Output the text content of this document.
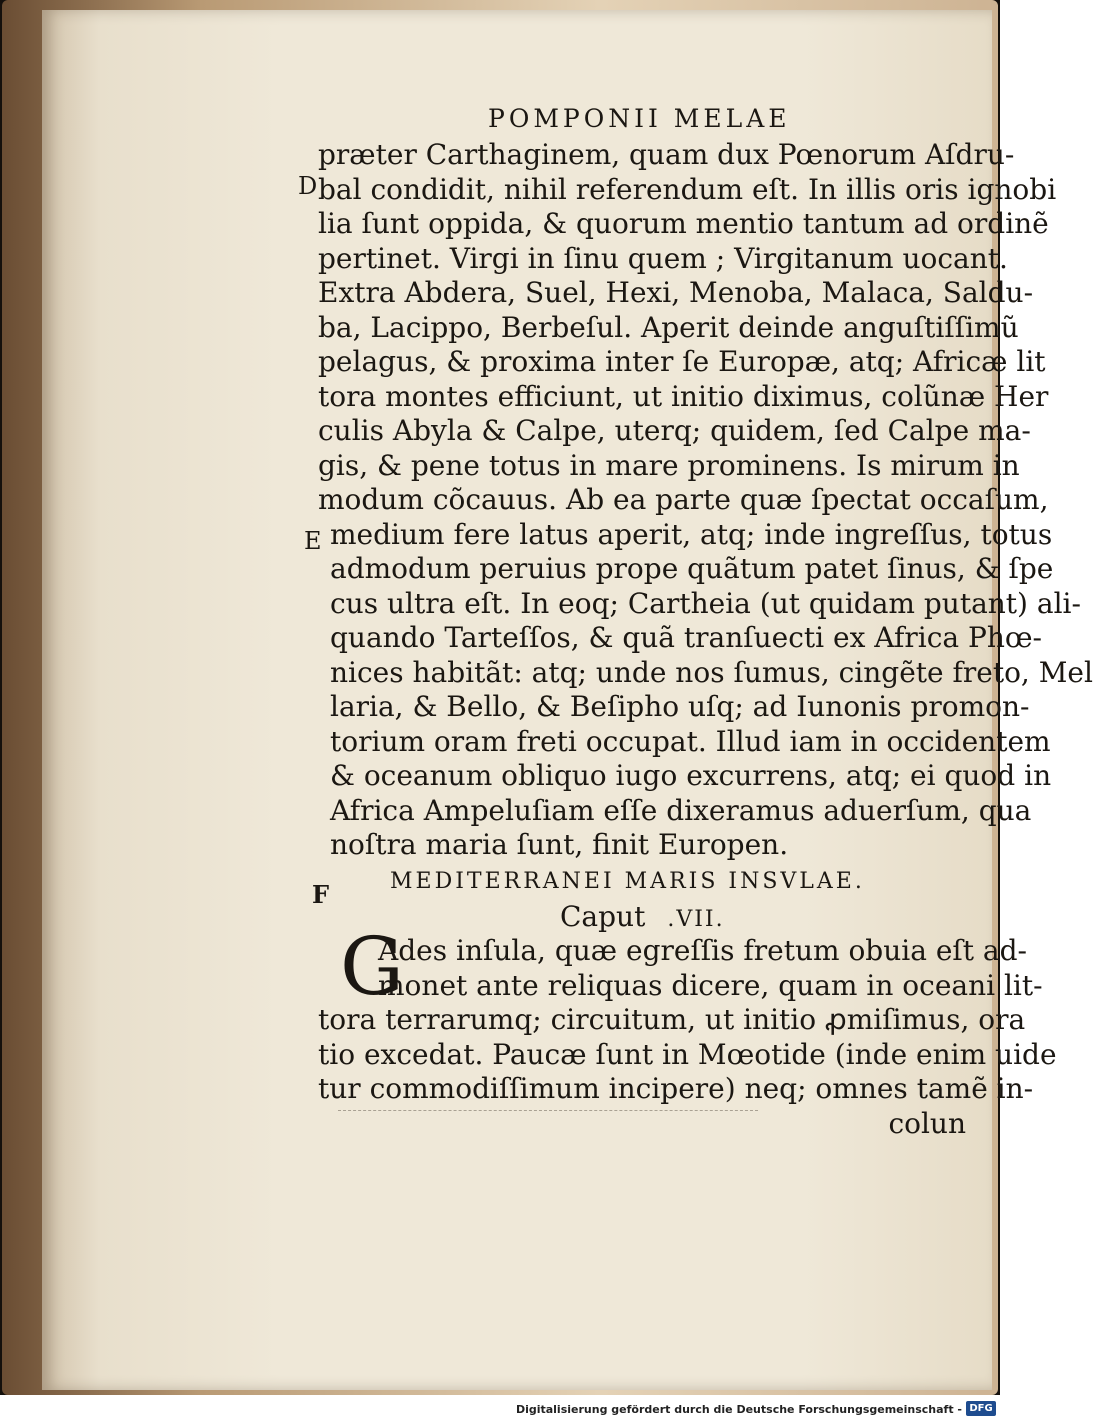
POMPONII MELAE
D
E
F
præter Carthaginem, quam dux Pœnorum Aſdru-
bal condidit, nihil referendum eſt. In illis oris ignobi
lia ſunt oppida, & quorum mentio tantum ad ordinẽ
pertinet. Virgi in ſinu quem ; Virgitanum uocant.
Extra Abdera, Suel, Hexi, Menoba, Malaca, Saldu-
ba, Lacippo, Berbeſul. Aperit deinde anguſtiſſimũ
pelagus, & proxima inter ſe Europæ, atq; Africæ lit
tora montes efficiunt, ut initio diximus, colũnæ Her
culis Abyla & Calpe, uterq; quidem, ſed Calpe ma-
gis, & pene totus in mare prominens. Is mirum in
modum cõcauus. Ab ea parte quæ ſpectat occaſum,
medium fere latus aperit, atq; inde ingreſſus, totus
admodum peruius prope quãtum patet ſinus, & ſpe
cus ultra eſt. In eoq; Cartheia (ut quidam putant) ali-
quando Tarteſſos, & quã tranſuecti ex Africa Phœ-
nices habitãt: atq; unde nos ſumus, cingẽte freto, Mel
laria, & Bello, & Beſipho uſq; ad Iunonis promon-
torium oram freti occupat. Illud iam in occidentem
& oceanum obliquo iugo excurrens, atq; ei quod in
Africa Ampeluſiam eſſe dixeramus aduerſum, qua
noſtra maria ſunt, finit Europen.
MEDITERRANEI MARIS INSVLAE.
Caput .VII.
G
Ades inſula, quæ egreſſis fretum obuia eſt ad-
monet ante reliquas dicere, quam in oceani lit-
tora terrarumq; circuitum, ut initio ꝓmiſimus, ora
tio excedat. Paucæ ſunt in Mœotide (inde enim uide
tur commodiſſimum incipere) neq; omnes tamẽ in-
colun
Digitalisierung gefördert durch die Deutsche Forschungsgemeinschaft - DFG
